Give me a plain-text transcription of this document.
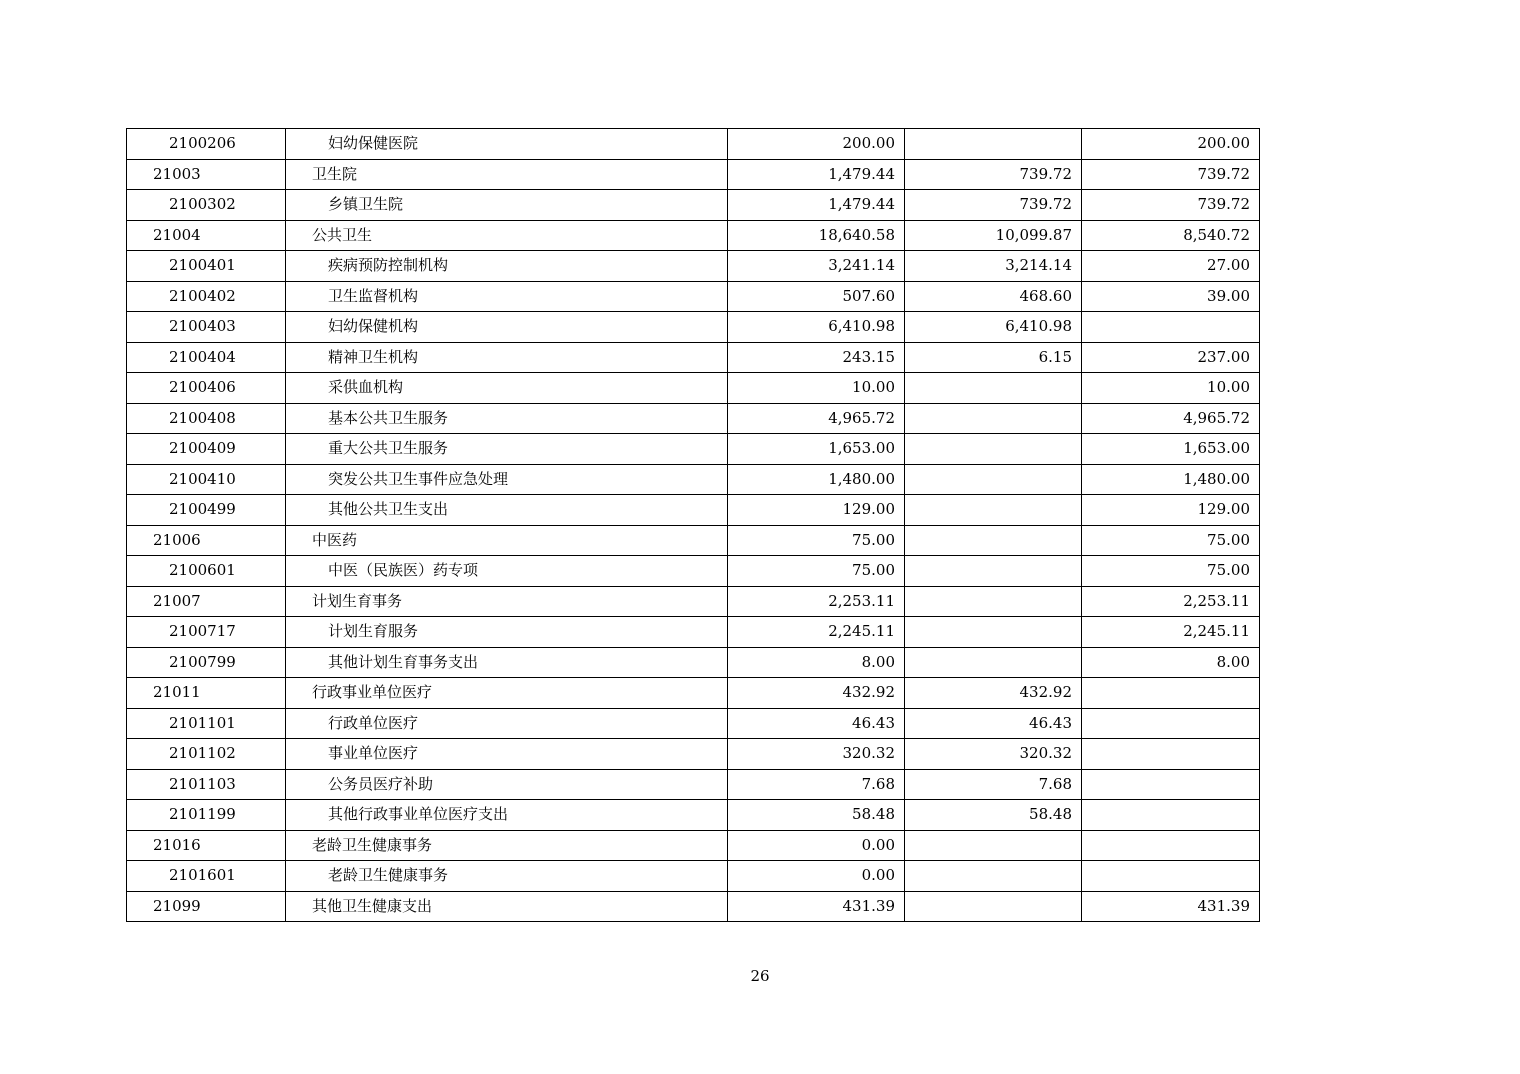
2100206	妇幼保健医院	200.00		200.00
21003	卫生院	1,479.44	739.72	739.72
2100302	乡镇卫生院	1,479.44	739.72	739.72
21004	公共卫生	18,640.58	10,099.87	8,540.72
2100401	疾病预防控制机构	3,241.14	3,214.14	27.00
2100402	卫生监督机构	507.60	468.60	39.00
2100403	妇幼保健机构	6,410.98	6,410.98	
2100404	精神卫生机构	243.15	6.15	237.00
2100406	采供血机构	10.00		10.00
2100408	基本公共卫生服务	4,965.72		4,965.72
2100409	重大公共卫生服务	1,653.00		1,653.00
2100410	突发公共卫生事件应急处理	1,480.00		1,480.00
2100499	其他公共卫生支出	129.00		129.00
21006	中医药	75.00		75.00
2100601	中医（民族医）药专项	75.00		75.00
21007	计划生育事务	2,253.11		2,253.11
2100717	计划生育服务	2,245.11		2,245.11
2100799	其他计划生育事务支出	8.00		8.00
21011	行政事业单位医疗	432.92	432.92	
2101101	行政单位医疗	46.43	46.43	
2101102	事业单位医疗	320.32	320.32	
2101103	公务员医疗补助	7.68	7.68	
2101199	其他行政事业单位医疗支出	58.48	58.48	
21016	老龄卫生健康事务	0.00		
2101601	老龄卫生健康事务	0.00		
21099	其他卫生健康支出	431.39		431.39
26
